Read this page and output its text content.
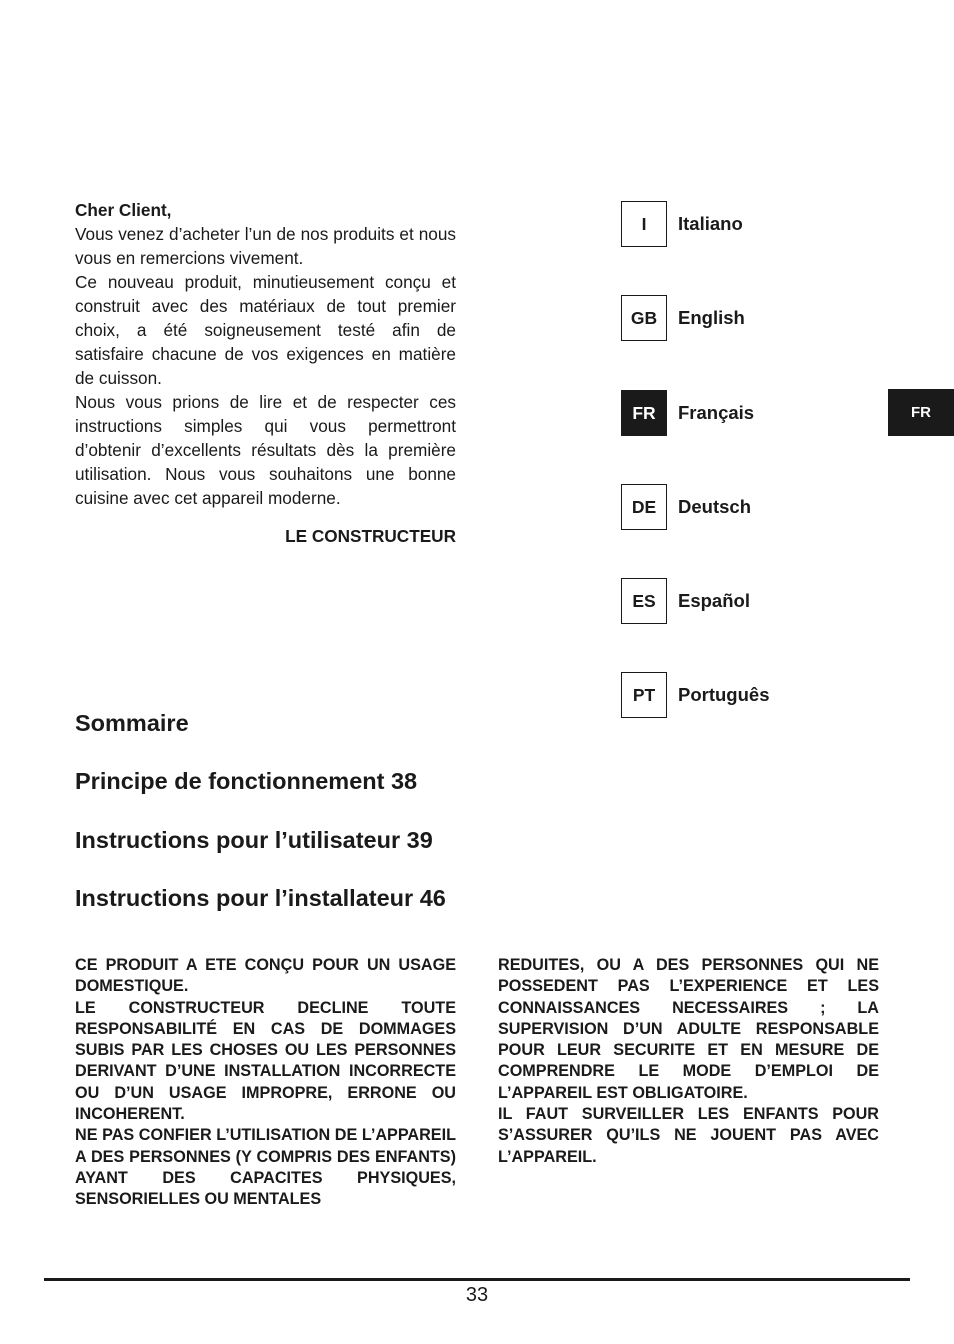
Cher Client,

Vous venez d’acheter l’un de nos produits et nous vous en remercions vivement.

Ce nouveau produit, minutieusement conçu et construit avec des matériaux de tout premier choix, a été soigneusement testé afin de satisfaire chacune de vos exigences en matière de cuisson.

Nous vous prions de lire et de respecter ces instructions simples qui vous permettront d’obtenir d’excellents résultats dès la première utilisation. Nous vous souhaitons une bonne cuisine avec cet appareil moderne.

LE CONSTRUCTEUR

I	Italiano
GB	English
FR	Français
DE	Deutsch
ES	Español
PT	Português
FR
Sommaire
Principe de fonctionnement 38
Instructions pour l’utilisateur 39
Instructions pour l’installateur 46

CE PRODUIT A ETE CONÇU POUR UN USAGE DOMESTIQUE.

LE CONSTRUCTEUR DECLINE TOUTE RESPONSABILITÉ EN CAS DE DOMMAGES SUBIS PAR LES CHOSES OU LES PERSONNES DERIVANT D’UNE INSTALLATION INCORRECTE OU D’UN USAGE IMPROPRE, ERRONE OU INCOHERENT.

NE PAS CONFIER L’UTILISATION DE L’APPAREIL A DES PERSONNES (Y COMPRIS DES ENFANTS) AYANT DES CAPACITES PHYSIQUES, SENSORIELLES OU MENTALES

REDUITES, OU A DES PERSONNES QUI NE POSSEDENT PAS L’EXPERIENCE ET LES CONNAISSANCES NECESSAIRES ; LA SUPERVISION D’UN ADULTE RESPONSABLE POUR LEUR SECURITE ET EN MESURE DE COMPRENDRE LE MODE D’EMPLOI DE L’APPAREIL EST OBLIGATOIRE.

IL FAUT SURVEILLER LES ENFANTS POUR S’ASSURER QU’ILS NE JOUENT PAS AVEC L’APPAREIL.

33
